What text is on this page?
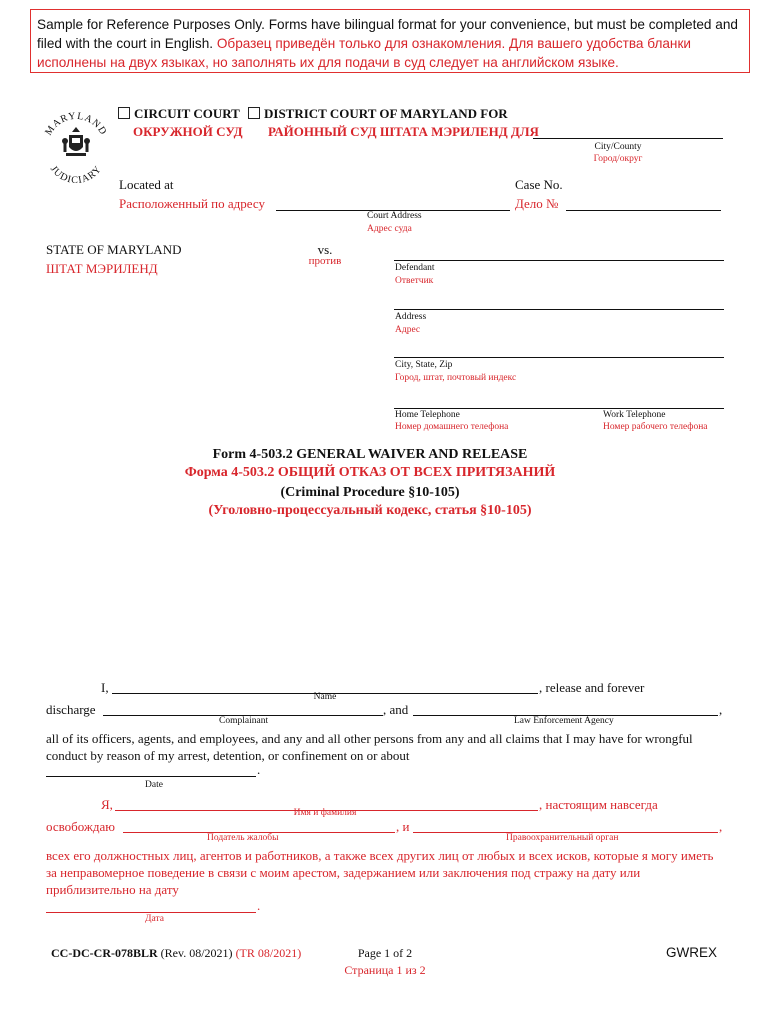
Sample for Reference Purposes Only. Forms have bilingual format for your convenience, but must be completed and filed with the court in English. Образец приведён только для ознакомления. Для вашего удобства бланки исполнены на двух языках, но заполнять их для подачи в суд следует на английском языке.
MARYLAND
JUDICIARY
CIRCUIT COURT
ОКРУЖНОЙ СУД
DISTRICT COURT OF MARYLAND FOR
РАЙОННЫЙ СУД ШТАТА МЭРИЛЕНД ДЛЯ
City/County
Город/округ
Located at
Расположенный по адресу
Court Address
Адрес суда
Case No.
Дело №
STATE OF MARYLAND
ШТАТ МЭРИЛЕНД
vs.
против
Defendant
Ответчик
Address
Адрес
City, State, Zip
Город, штат, почтовый индекс
Home Telephone
Номер домашнего телефона
Work Telephone
Номер рабочего телефона
Form 4-503.2 GENERAL WAIVER AND RELEASE
Форма 4-503.2 ОБЩИЙ ОТКАЗ ОТ ВСЕХ ПРИТЯЗАНИЙ
(Criminal Procedure §10-105)
(Уголовно-процессуальный кодекс, статья §10-105)
I,	, release and forever
Name
discharge	, and	,
Complainant	Law Enforcement Agency
all of its officers, agents, and employees, and any and all other persons from any and all claims that I may have for wrongful conduct by reason of my arrest, detention, or confinement on or about
.
Date
Я,	, настоящим навсегда
Имя и фамилия
освобождаю	, и	,
Податель жалобы	Правоохранительный орган
всех его должностных лиц, агентов и работников, а также всех других лиц от любых и всех исков, которые я могу иметь за неправомерное поведение в связи с моим арестом, задержанием или заключения под стражу на дату или приблизительно на дату
.
Дата
CC-DC-CR-078BLR (Rev. 08/2021) (TR 08/2021)	Page 1 of 2
Страница 1 из 2
GWREX
